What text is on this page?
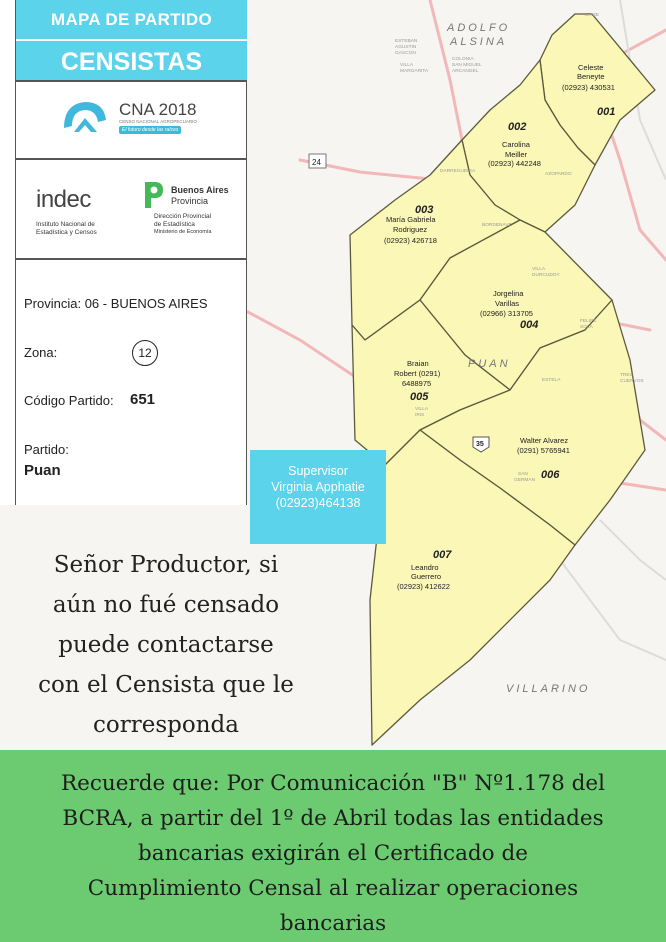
ADOLFO
ALSINA
PUAN
VILLARINO
ESTEBAN
AGUSTIN
GASCON
VILLA
MARGARITA
COLONIA
SAN MIGUEL
ARCANGEL
DARREGUEIRA
AZOPARDO
BORDENAVE
VILLA
DURCUDOY
FELIPE
SOLA
ESTELA
VILLA
IRIS
SAN
GERMAN
TRES
CUERVOS
ERIZE
24
35
Celeste
Beneyte
(02923) 430531
001
002
Carolina
Meiller
(02923) 442248
003
María Gabriela
Rodriguez
(02923) 426718
Jorgelina
Varillas
(02966) 313705
004
Braian
Robert (0291)
6488975
005
Walter Alvarez
(0291) 5765941
006
007
Leandro
Guerrero
(02923) 412622
MAPA DE PARTIDO
CENSISTAS
CNA 2018
CENSO NACIONAL AGROPECUARIO
El futuro desde las raíces
indec
Instituto Nacional de
Estadística y Censos
Buenos Aires
Provincia
Dirección Provincial
de Estadística
Ministerio de Economía
Provincia: 06 - BUENOS AIRES
Zona:	12
Código Partido: 651
Partido:
Puan	Supervisor
Virginia Apphatie
(02923)464138
Señor Productor, si
aún no fué censado
puede contactarse
con el Censista que le
corresponda
Recuerde que: Por Comunicación "B" Nº1.178 del
BCRA, a partir del 1º de Abril todas las entidades
bancarias exigirán el Certificado de
Cumplimiento Censal al realizar operaciones
bancarias
